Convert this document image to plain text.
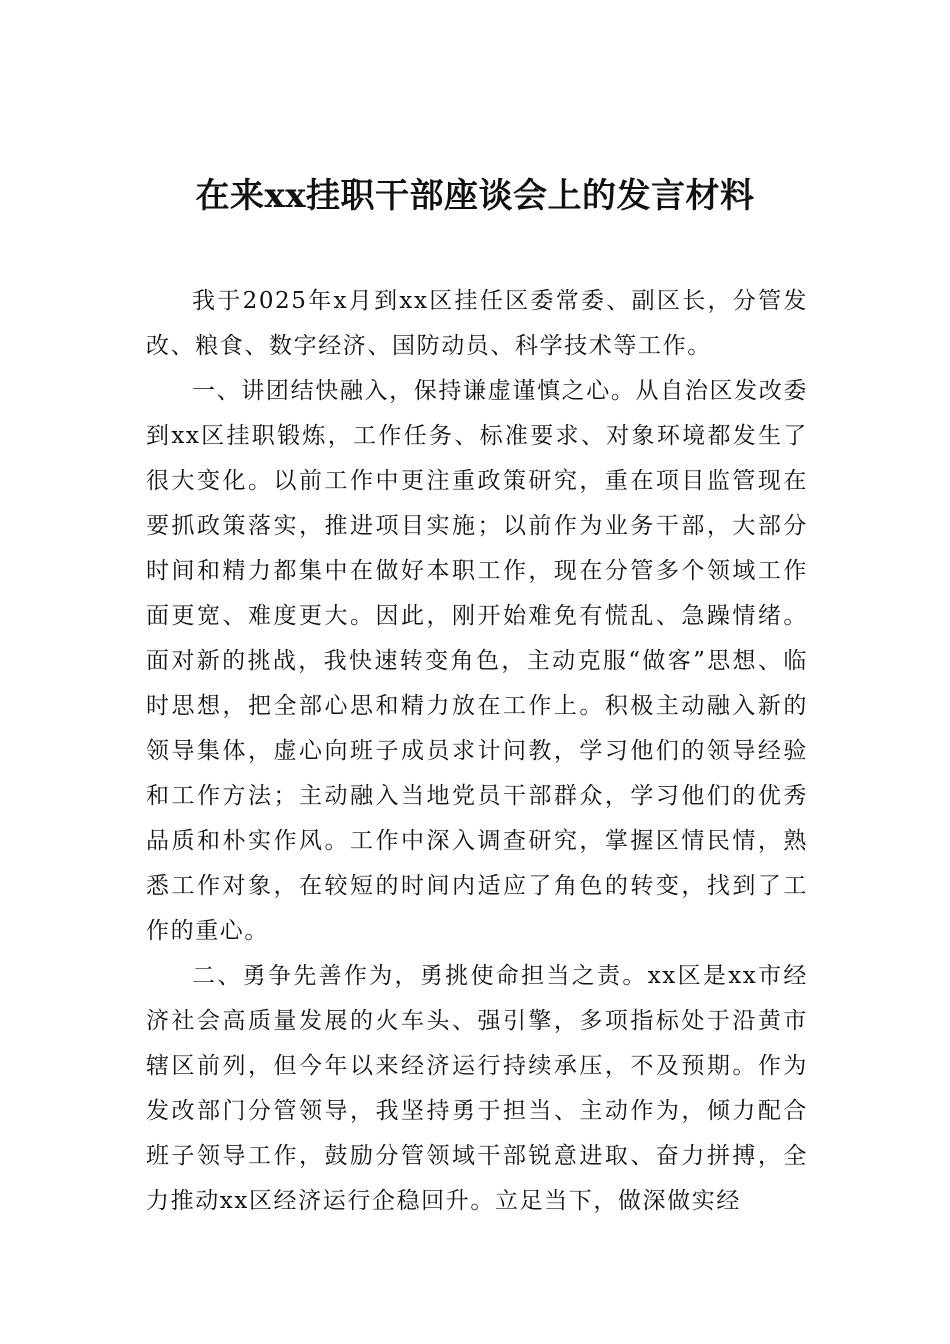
在来xx挂职干部座谈会上的发言材料

我于2025年x月到xx区挂任区委常委、副区长，分管发改、粮食、数字经济、国防动员、科学技术等工作。

一、讲团结快融入，保持谦虚谨慎之心。从自治区发改委到xx区挂职锻炼，工作任务、标准要求、对象环境都发生了很大变化。以前工作中更注重政策研究，重在项目监管现在要抓政策落实，推进项目实施；以前作为业务干部，大部分时间和精力都集中在做好本职工作，现在分管多个领域工作面更宽、难度更大。因此，刚开始难免有慌乱、急躁情绪。面对新的挑战，我快速转变角色，主动克服“做客”思想、临时思想，把全部心思和精力放在工作上。积极主动融入新的领导集体，虚心向班子成员求计问教，学习他们的领导经验和工作方法；主动融入当地党员干部群众，学习他们的优秀品质和朴实作风。工作中深入调查研究，掌握区情民情，熟悉工作对象，在较短的时间内适应了角色的转变，找到了工作的重心。

二、勇争先善作为，勇挑使命担当之责。xx区是xx市经济社会高质量发展的火车头、强引擎，多项指标处于沿黄市辖区前列，但今年以来经济运行持续承压，不及预期。作为发改部门分管领导，我坚持勇于担当、主动作为，倾力配合班子领导工作，鼓励分管领域干部锐意进取、奋力拼搏，全力推动xx区经济运行企稳回升。立足当下，做深做实经
